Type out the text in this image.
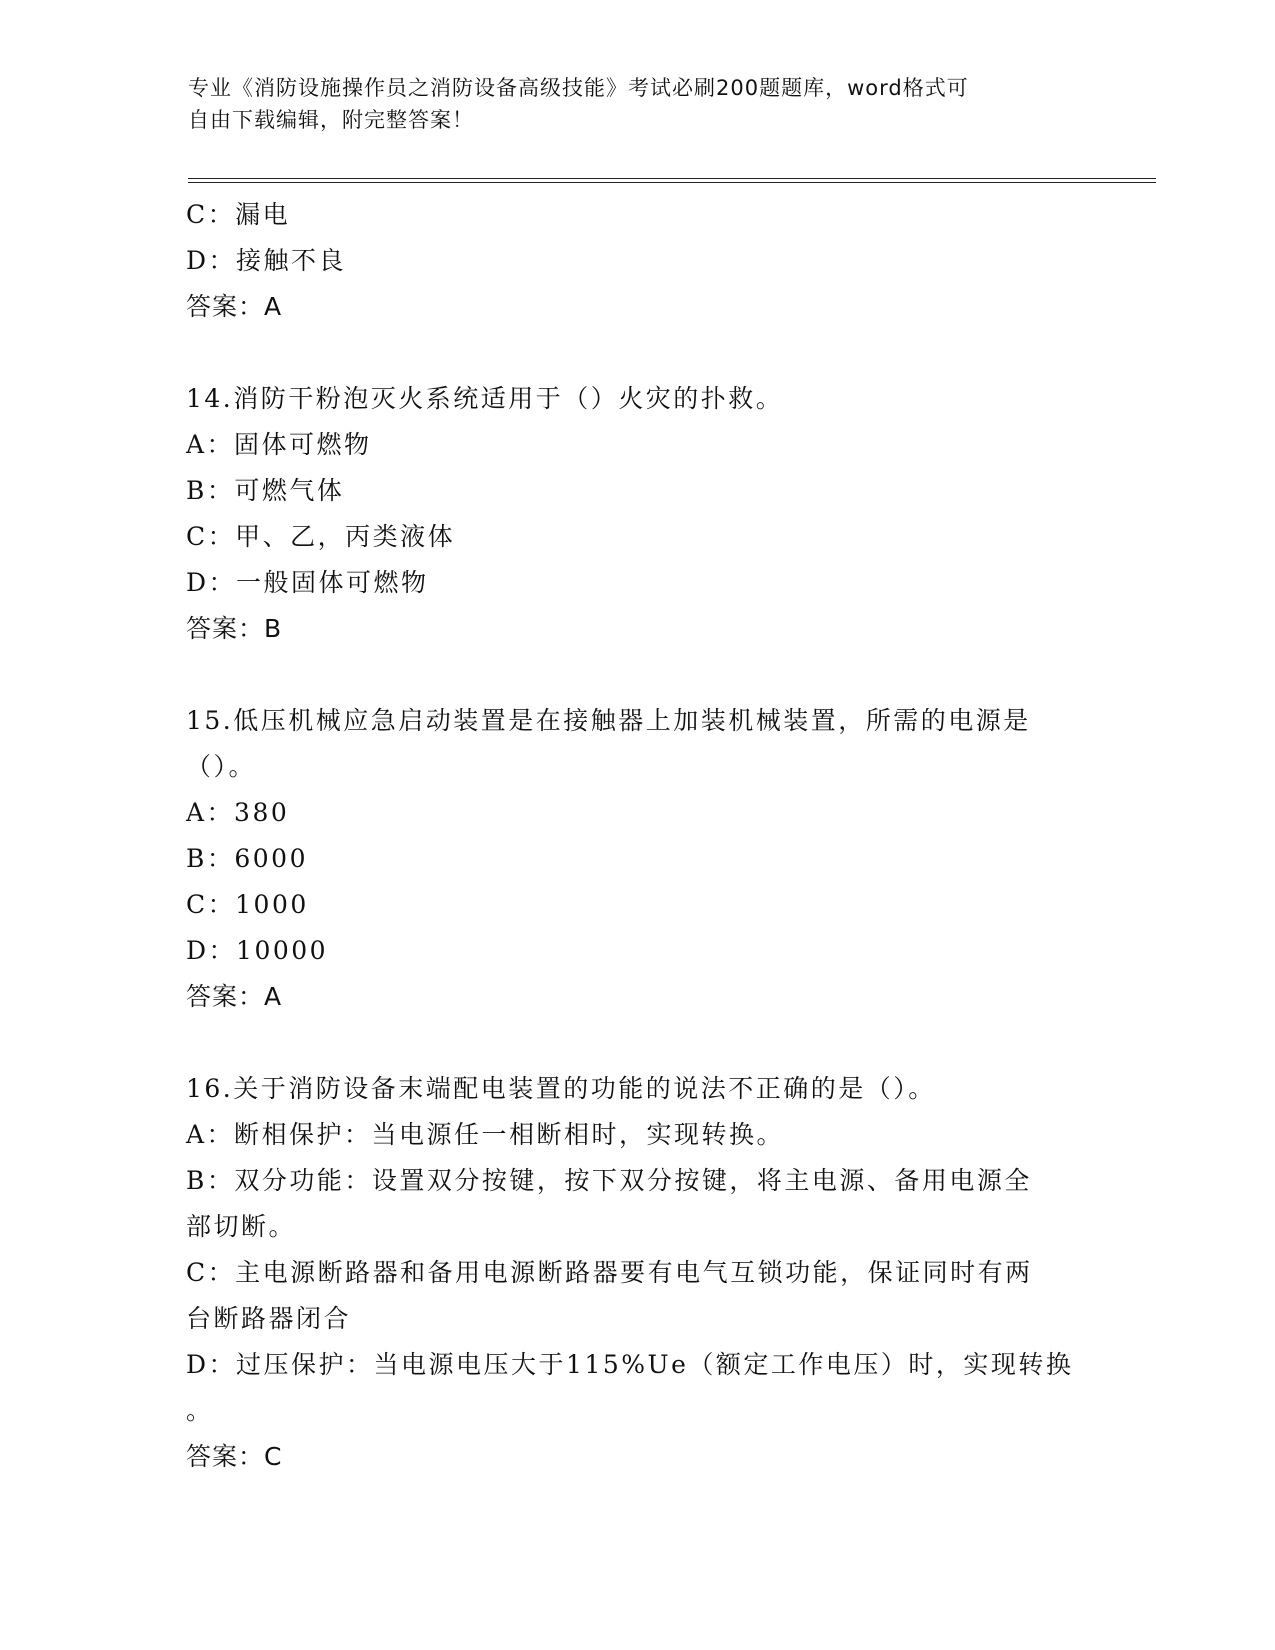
专业《消防设施操作员之消防设备高级技能》考试必刷200题题库，word格式可
自由下载编辑，附完整答案！
C：漏电
D：接触不良
答案：A
14.消防干粉泡灭火系统适用于（）火灾的扑救。
A：固体可燃物
B：可燃气体
C：甲、乙，丙类液体
D：一般固体可燃物
答案：B
15.低压机械应急启动装置是在接触器上加装机械装置，所需的电源是
（）。
A：380
B：6000
C：1000
D：10000
答案：A
16.关于消防设备末端配电装置的功能的说法不正确的是（）。
A：断相保护：当电源任一相断相时，实现转换。
B：双分功能：设置双分按键，按下双分按键，将主电源、备用电源全
部切断。
C：主电源断路器和备用电源断路器要有电气互锁功能，保证同时有两
台断路器闭合
D：过压保护：当电源电压大于115%Ue（额定工作电压）时，实现转换
。
答案：C
